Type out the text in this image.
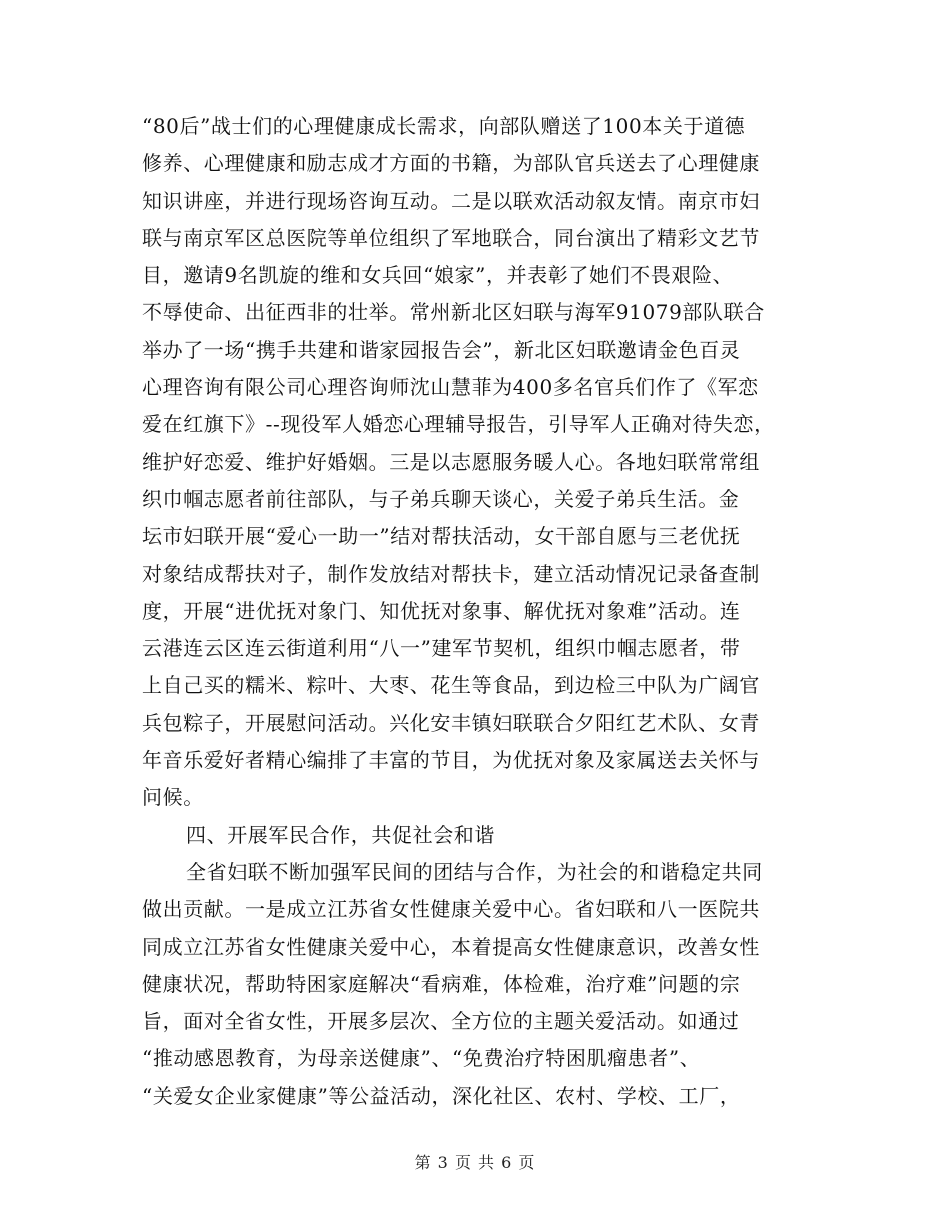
“80后”战士们的心理健康成长需求，向部队赠送了100本关于道德
修养、心理健康和励志成才方面的书籍，为部队官兵送去了心理健康
知识讲座，并进行现场咨询互动。二是以联欢活动叙友情。南京市妇
联与南京军区总医院等单位组织了军地联合，同台演出了精彩文艺节
目，邀请9名凯旋的维和女兵回“娘家”，并表彰了她们不畏艰险、
不辱使命、出征西非的壮举。常州新北区妇联与海军91079部队联合
举办了一场“携手共建和谐家园报告会”，新北区妇联邀请金色百灵
心理咨询有限公司心理咨询师沈山慧菲为400多名官兵们作了《军恋
爱在红旗下》--现役军人婚恋心理辅导报告，引导军人正确对待失恋，
维护好恋爱、维护好婚姻。三是以志愿服务暖人心。各地妇联常常组
织巾帼志愿者前往部队，与子弟兵聊天谈心，关爱子弟兵生活。金
坛市妇联开展“爱心一助一”结对帮扶活动，女干部自愿与三老优抚
对象结成帮扶对子，制作发放结对帮扶卡，建立活动情况记录备查制
度，开展“进优抚对象门、知优抚对象事、解优抚对象难”活动。连
云港连云区连云街道利用“八一”建军节契机，组织巾帼志愿者，带
上自己买的糯米、粽叶、大枣、花生等食品，到边检三中队为广阔官
兵包粽子，开展慰问活动。兴化安丰镇妇联联合夕阳红艺术队、女青
年音乐爱好者精心编排了丰富的节目，为优抚对象及家属送去关怀与
问候。
四、开展军民合作，共促社会和谐
全省妇联不断加强军民间的团结与合作，为社会的和谐稳定共同
做出贡献。一是成立江苏省女性健康关爱中心。省妇联和八一医院共
同成立江苏省女性健康关爱中心，本着提高女性健康意识，改善女性
健康状况，帮助特困家庭解决“看病难，体检难，治疗难”问题的宗
旨，面对全省女性，开展多层次、全方位的主题关爱活动。如通过
“推动感恩教育，为母亲送健康”、“免费治疗特困肌瘤患者”、
“关爱女企业家健康”等公益活动，深化社区、农村、学校、工厂，
第 3 页 共 6 页
